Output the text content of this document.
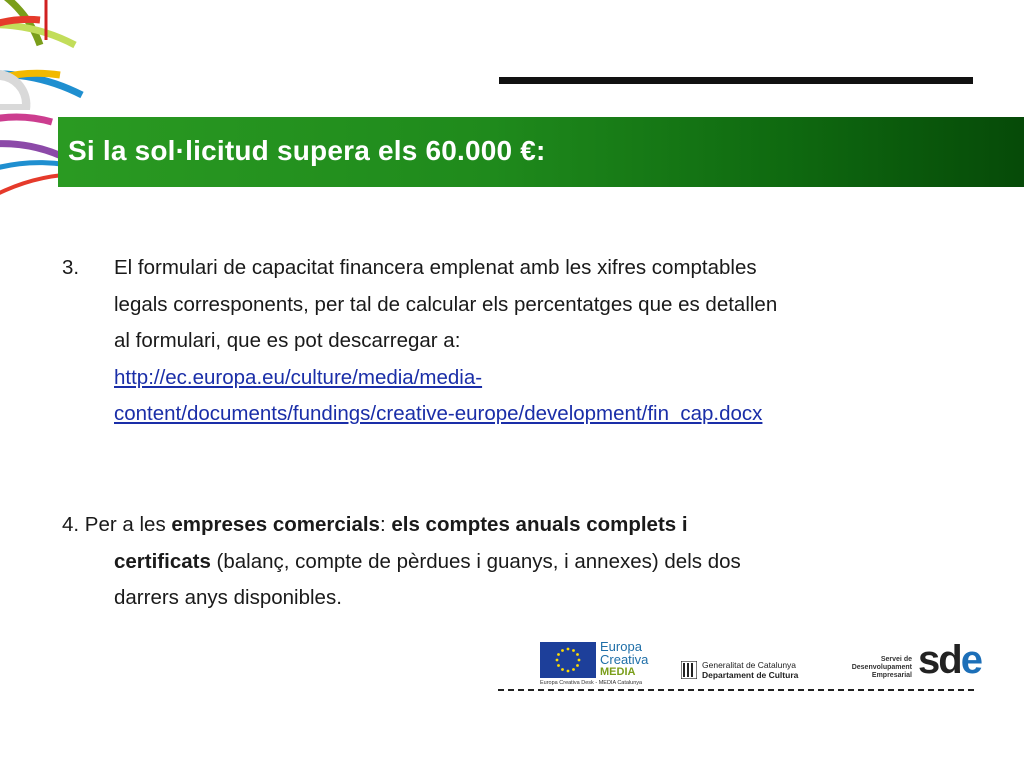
Si la sol·licitud supera els 60.000 €:
3. El formulari de capacitat financera emplenat amb les xifres comptables
legals corresponents, per tal de calcular els percentatges que es detallen
al formulari, que es pot descarregar a:
http://ec.europa.eu/culture/media/media-
content/documents/fundings/creative-europe/development/fin_cap.docx
4. Per a les empreses comercials: els comptes anuals complets i
certificats (balanç, compte de pèrdues i guanys, i annexes) dels dos
darrers anys disponibles.
Europa
Creativa
MEDIA
Europa Creativa Desk - MEDIA Catalunya
Generalitat de Catalunya
Departament de Cultura
Servei de
Desenvolupament
Empresarial sde
